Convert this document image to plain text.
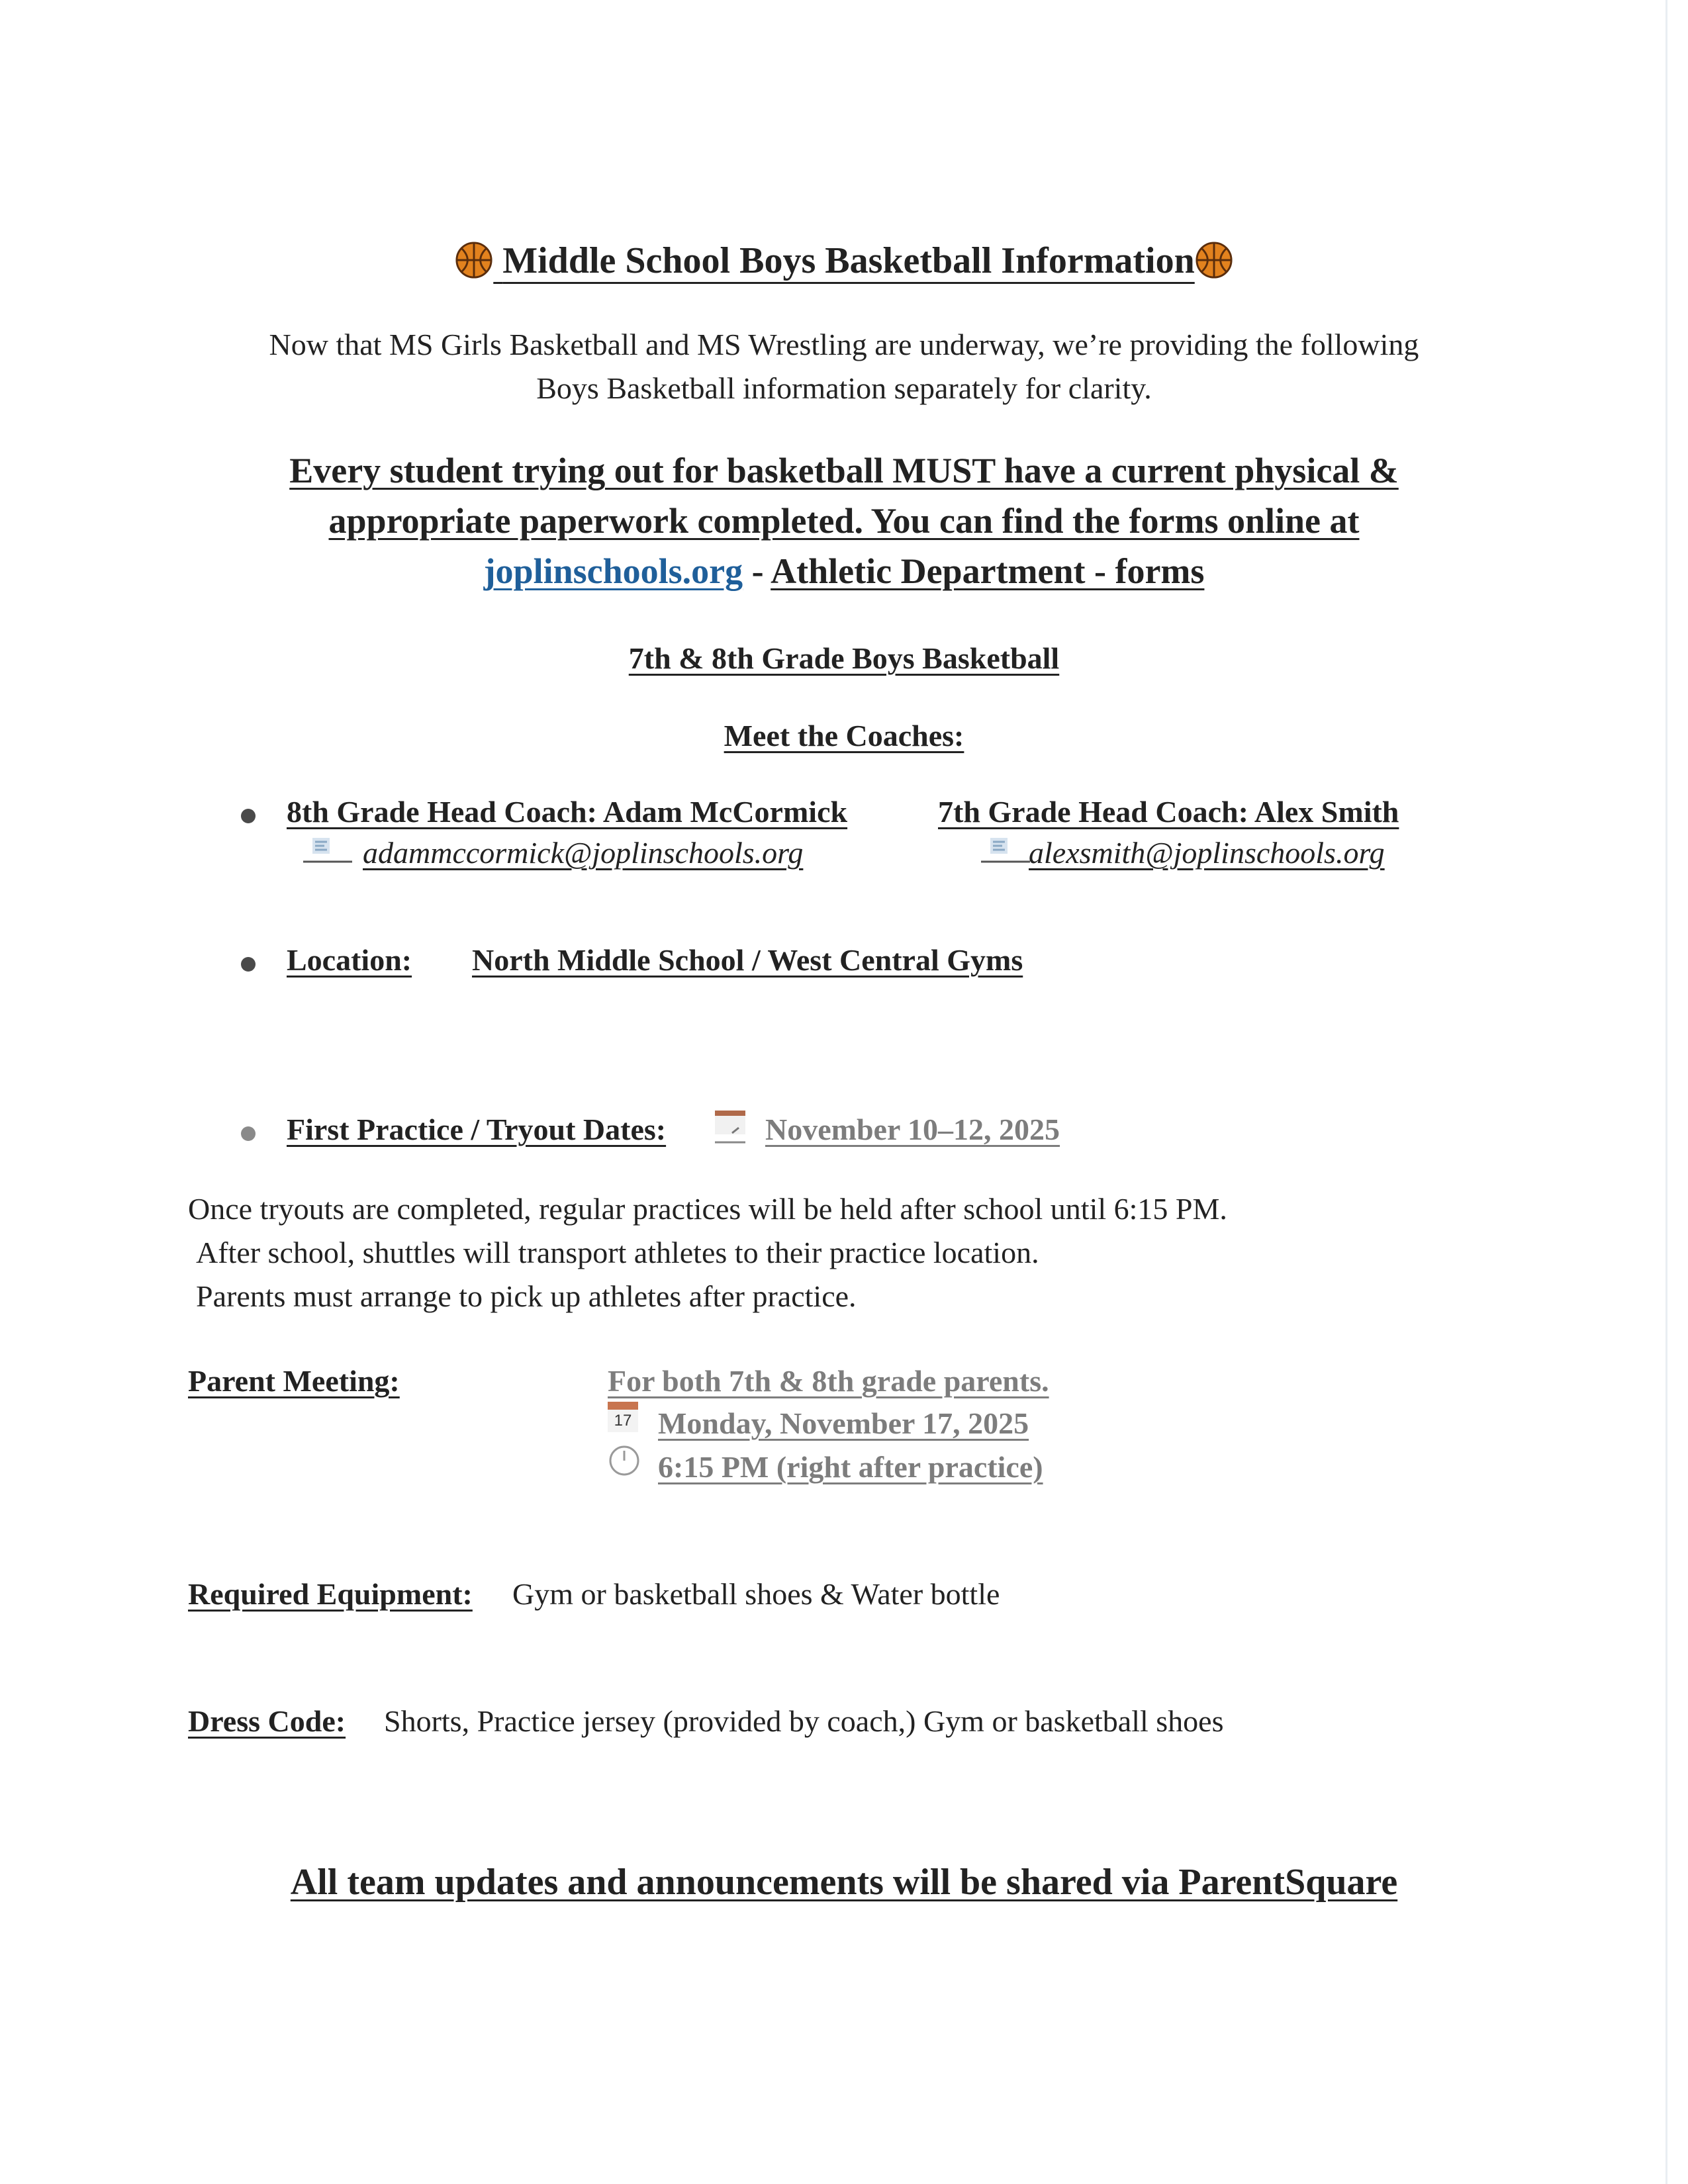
Middle School Boys Basketball Information
Now that MS Girls Basketball and MS Wrestling are underway, we’re providing the following
Boys Basketball information separately for clarity.
Every student trying out for basketball MUST have a current physical &
appropriate paperwork completed. You can find the forms online at
joplinschools.org - Athletic Department - forms
7th & 8th Grade Boys Basketball
Meet the Coaches:
8th Grade Head Coach: Adam McCormick
adammccormick@joplinschools.org
7th Grade Head Coach: Alex Smith
alexsmith@joplinschools.org
Location: North Middle School / West Central Gyms
First Practice / Tryout Dates:	November 10–12, 2025
Once tryouts are completed, regular practices will be held after school until 6:15 PM.
After school, shuttles will transport athletes to their practice location.
Parents must arrange to pick up athletes after practice.
Parent Meeting:	For both 7th & 8th grade parents.
17 Monday, November 17, 2025
6:15 PM (right after practice)
Required Equipment: Gym or basketball shoes & Water bottle
Dress Code: Shorts, Practice jersey (provided by coach,) Gym or basketball shoes
All team updates and announcements will be shared via ParentSquare
